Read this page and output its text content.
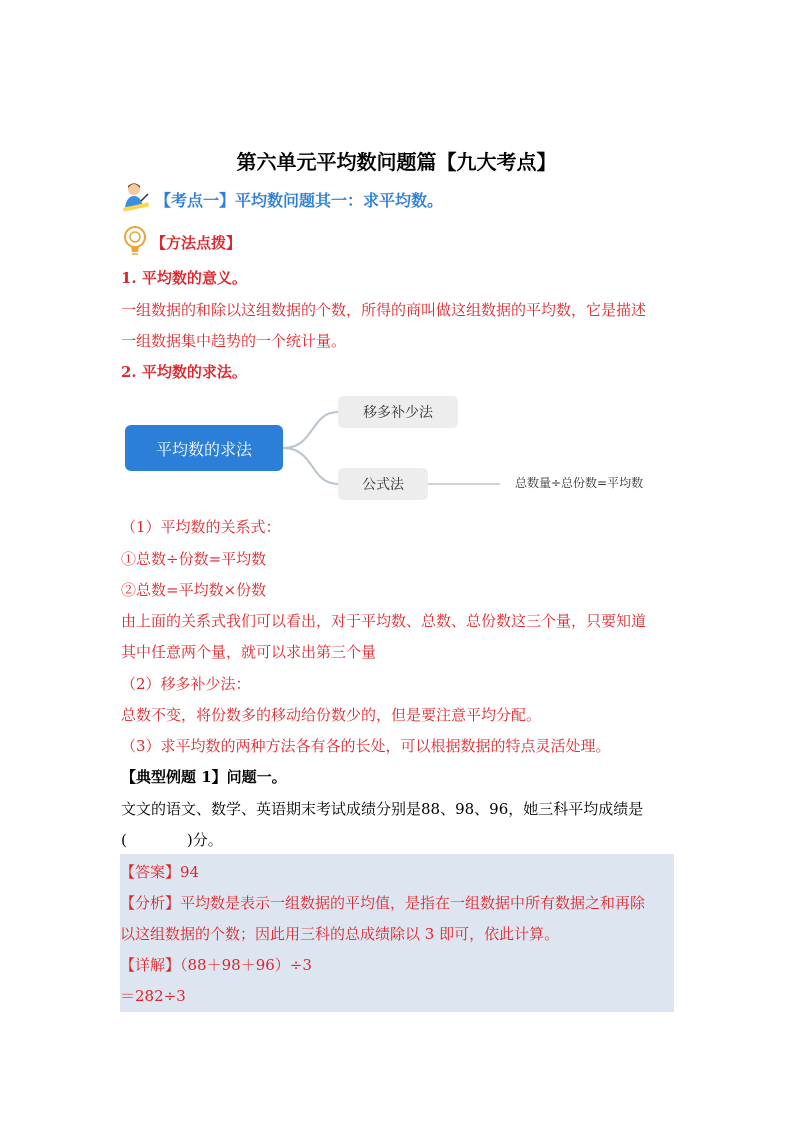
第六单元平均数问题篇【九大考点】
【考点一】平均数问题其一：求平均数。
【方法点拨】
1. 平均数的意义。
一组数据的和除以这组数据的个数，所得的商叫做这组数据的平均数，它是描述
一组数据集中趋势的一个统计量。
2. 平均数的求法。
平均数的求法
移多补少法
公式法	总数量÷总份数=平均数
（1）平均数的关系式：
①总数÷份数=平均数
②总数=平均数×份数
由上面的关系式我们可以看出，对于平均数、总数、总份数这三个量，只要知道
其中任意两个量，就可以求出第三个量
（2）移多补少法：
总数不变，将份数多的移动给份数少的，但是要注意平均分配。
（3）求平均数的两种方法各有各的长处，可以根据数据的特点灵活处理。
【典型例题 1】问题一。
文文的语文、数学、英语期末考试成绩分别是88、98、96，她三科平均成绩是
(　　　　)分。
【答案】94
【分析】平均数是表示一组数据的平均值，是指在一组数据中所有数据之和再除
以这组数据的个数；因此用三科的总成绩除以 3 即可，依此计算。
【详解】（88＋98＋96）÷3
＝282÷3
